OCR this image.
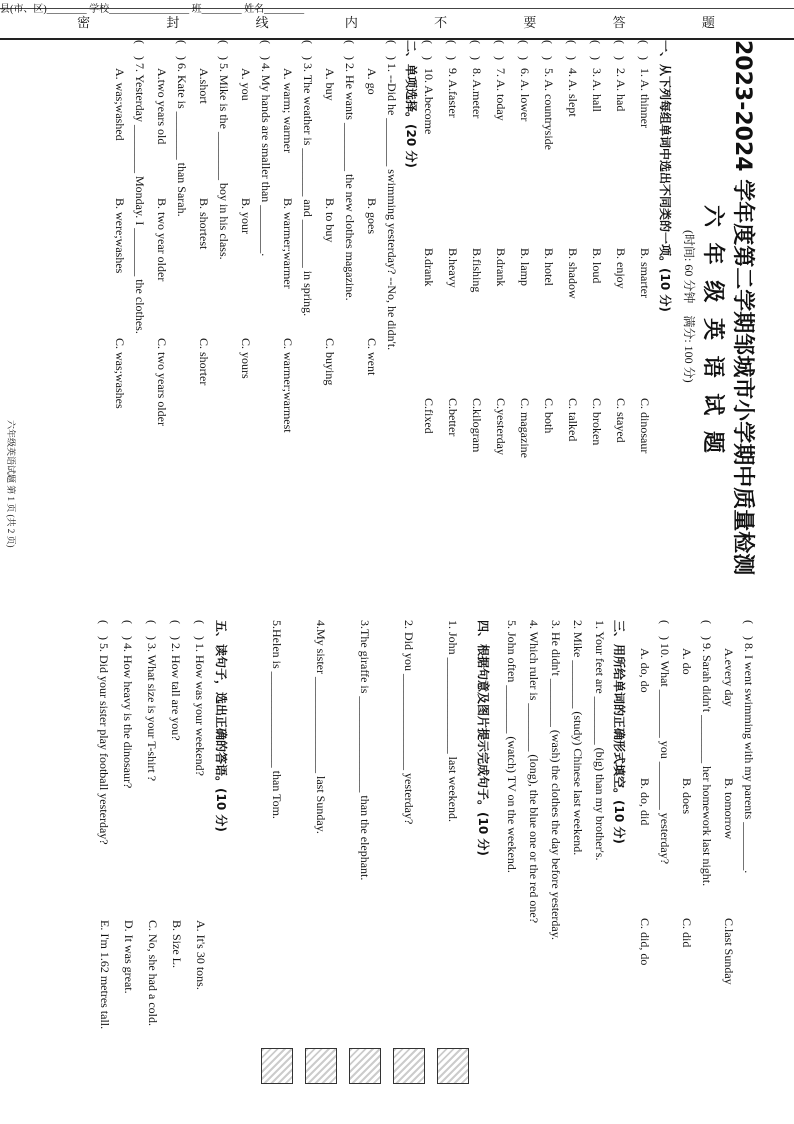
县(市、区)________ 学校________________ 班________ 姓名________
密	封	线	内	不	要	答	题
2023-2024 学年度第二学期邹城市小学期中质量检测
六 年 级 英 语 试 题
(时间: 60 分钟　满分: 100 分)
一、从下列每组单词中选出不同类的一项。(10 分)
(　)
1. A. thinner
B. smarter
C. dinosaur
(　)
2. A. had
B. enjoy
C. stayed
(　)
3. A. hall
B. loud
C. broken
(　)
4. A. slept
B. shadow
C. talked
(　)
5. A. countryside
B. hotel
C. both
(　)
6. A. lower
B. lamp
C. magazine
(　)
7. A. today
B.drank
C.yesterday
(　)
8. A.meter
B.fishing
C.kilogram
(　)
9. A.faster
B.heavy
C.better
(　)
10. A.become
B.drank
C.fixed
二、单项选择。(20 分)
(　) 1. --Did he ________ swimming yesterday? --No, he didn't.
A. go
B. goes
C. went
(　) 2. He wants ________ the new clothes magazine.
A. buy
B. to buy
C. buying
(　) 3. The weather is ________ and ________ in spring.
A. warm; warmer
B. warmer;warmer
C. warmer;warmest
(　) 4. My hands are smaller than ________.
A. you
B. your
C. yours
(　) 5. Mike is the ________ boy in his class.
A.short
B. shortest
C. shorter
(　) 6. Kate is ________ than Sarah.
A.two years old
B. two year older
C. two years older
(　) 7. Yesterday ________ Monday. I ________ the clothes.
A. was;washed
B. were;washes
C. was;washes
(　) 8. I went swimming with my parents ________.
A.every day
B. tomorrow
C.last Sunday
(　) 9. Sarah didn't ________ her homework last night.
A. do
B. does
C. did
(　) 10. What ________ you ________ yesterday?
A. do, do
B. do, did
C. did, do
三、用所给单词的正确形式填空。(10 分)
1. Your feet are ________ (big) than my brother's.
2. Mike ________ (study) Chinese last weekend.
3. He didn't ________ (wash) the clothes the day before yesterday.
4. Which ruler is ________ (long), the blue one or the red one?
5. John often ________ (watch) TV on the weekend.
四、根据句意及图片提示完成句子。(10 分)
1. John ________________ last weekend.
2. Did you ________________ yesterday?
3.The giraffe is ________________ than the elephant.
4.My sister ________________ last Sunday.
5.Helen is ________________ than Tom.
五、读句子，选出正确的答语。(10 分)
(　) 1. How was your weekend?
A. It's 30 tons.
(　) 2. How tall are you?
B. Size L.
(　) 3. What size is your T-shirt ?
C. No, she had a cold.
(　) 4. How heavy is the dinosaur?
D. It was great.
(　) 5. Did your sister play football yesterday?
E. I'm 1.62 metres tall.
六年级英语试题 第 1 页 (共 2 页)
